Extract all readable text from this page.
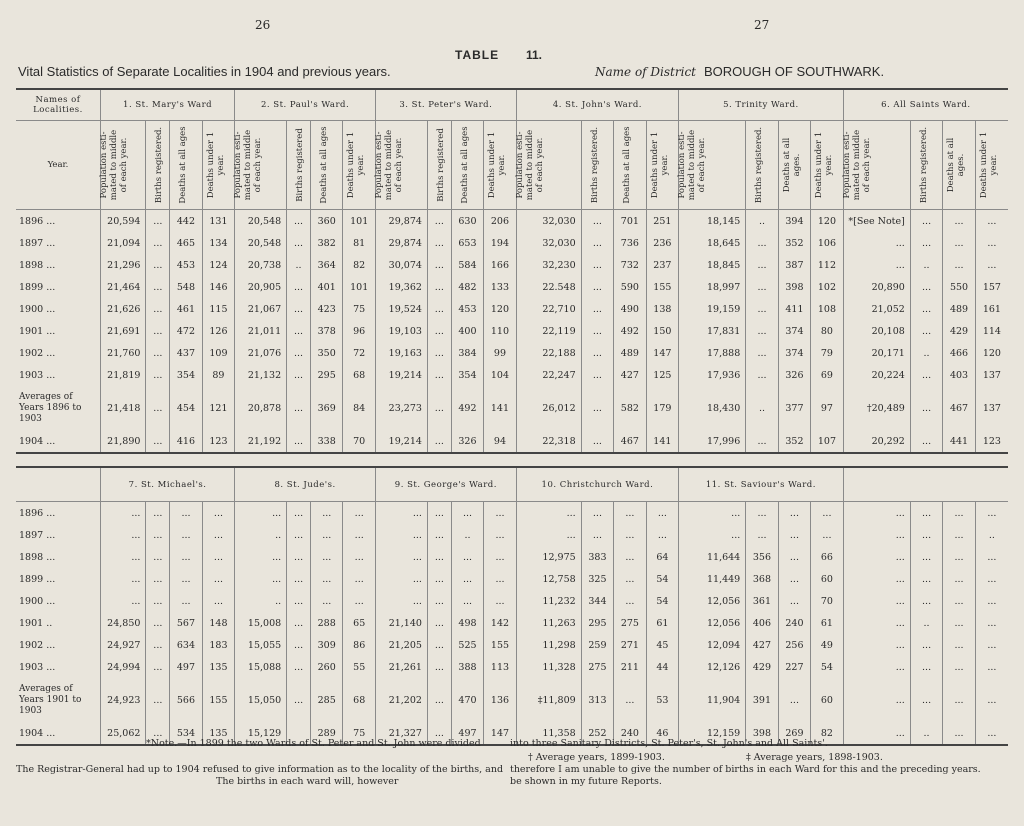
26	27
TABLE 11.
Vital Statistics of Separate Localities in 1904 and previous years.	Name of District BOROUGH OF SOUTHWARK.
Names of Localities.	1. St. Mary's Ward				2. St. Paul's Ward.				3. St. Peter's Ward.				4. St. John's Ward.				5. Trinity Ward.				6. All Saints Ward.			
Year.	Population esti-mated to middle of each year.	Births registered.	Deaths at all ages	Deaths under 1 year.	Population esti-mated to middle of each year.	Births registered	Deaths at all ages	Deaths under 1 year.	Population esti-mated to middle of each year.	Births registered	Deaths at all ages	Deaths under 1 year.	Population esti-mated to middle of each year.	Births registered.	Deaths at all ages	Deaths under 1 year.	Population esti-mated to middle of each year.	Births registered.	Deaths at all ages.	Deaths under 1 year.	Population esti-mated to middle of each year.	Births registered.	Deaths at all ages.	Deaths under 1 year.

1896 ...	20,594	...	442	131	20,548	...	360	101	29,874	...	630	206	32,030	...	701	251	18,145	..	394	120	*[See Note]	...	...	...
1897 ...	21,094	...	465	134	20,548	...	382	81	29,874	...	653	194	32,030	...	736	236	18,645	...	352	106	...	...	...	...
1898 ...	21,296	...	453	124	20,738	..	364	82	30,074	...	584	166	32,230	...	732	237	18,845	...	387	112	...	..	...	...
1899 ...	21,464	...	548	146	20,905	...	401	101	19,362	...	482	133	22.548	...	590	155	18,997	...	398	102	20,890	...	550	157
1900 ...	21,626	...	461	115	21,067	...	423	75	19,524	...	453	120	22,710	...	490	138	19,159	...	411	108	21,052	...	489	161
1901 ...	21,691	...	472	126	21,011	...	378	96	19,103	...	400	110	22,119	...	492	150	17,831	...	374	80	20,108	...	429	114
1902 ...	21,760	...	437	109	21,076	...	350	72	19,163	...	384	99	22,188	...	489	147	17,888	...	374	79	20,171	..	466	120
1903 ...	21,819	...	354	89	21,132	...	295	68	19,214	...	354	104	22,247	...	427	125	17,936	...	326	69	20,224	...	403	137
Averages of Years 1896 to 1903	21,418	...	454	121	20,878	...	369	84	23,273	...	492	141	26,012	...	582	179	18,430	..	377	97	†20,489	...	467	137
1904 ...	21,890	...	416	123	21,192	...	338	70	19,214	...	326	94	22,318	...	467	141	17,996	...	352	107	20,292	...	441	123
	7. St. Michael's.				8. St. Jude's.				9. St. George's Ward.				10. Christchurch Ward.				11. St. Saviour's Ward.							
1896 ...	...	...	...	...	...	...	...	...	...	...	...	...	...	...	...	...	...	...	...	...	...	...	...	...
1897 ...	...	...	...	...	..	...	...	...	...	...	..	...	...	...	...	...	...	...	...	...	...	...	...	..
1898 ...	...	...	...	...	...	...	...	...	...	...	...	...	12,975	383	...	64	11,644	356	...	66	...	...	...	...
1899 ...	...	...	...	...	...	...	...	...	...	...	...	...	12,758	325	...	54	11,449	368	...	60	...	...	...	...
1900 ...	...	...	...	...	..	...	...	...	...	...	...	...	11,232	344	...	54	12,056	361	...	70	...	...	...	...
1901 ..	24,850	...	567	148	15,008	...	288	65	21,140	...	498	142	11,263	295	275	61	12,056	406	240	61	...	..	...	...
1902 ...	24,927	...	634	183	15,055	...	309	86	21,205	...	525	155	11,298	259	271	45	12,094	427	256	49	...	...	...	...
1903 ...	24,994	...	497	135	15,088	...	260	55	21,261	...	388	113	11,328	275	211	44	12,126	429	227	54	...	...	...	...
Averages of Years 1901 to 1903	24,923	...	566	155	15,050	...	285	68	21,202	...	470	136	‡11,809	313	...	53	11,904	391	...	60	...	...	...	...
1904 ...	25,062	...	534	135	15,129		289	75	21,327	...	497	147	11,358	252	240	46	12,159	398	269	82	...	..	...	...
*Note.—In 1899 the two Wards of St. Peter and St. John were divided	into three Sanitary Districts, St. Peter's, St. John's and All Saints'.
† Average years, 1899-1903.	‡ Average years, 1898-1903.
The Registrar-General had up to 1904 refused to give information as to the locality of the births, and therefore I am unable to give the number of births in each Ward for this and the preceding years.
The births in each ward will, however	be shown in my future Reports.
